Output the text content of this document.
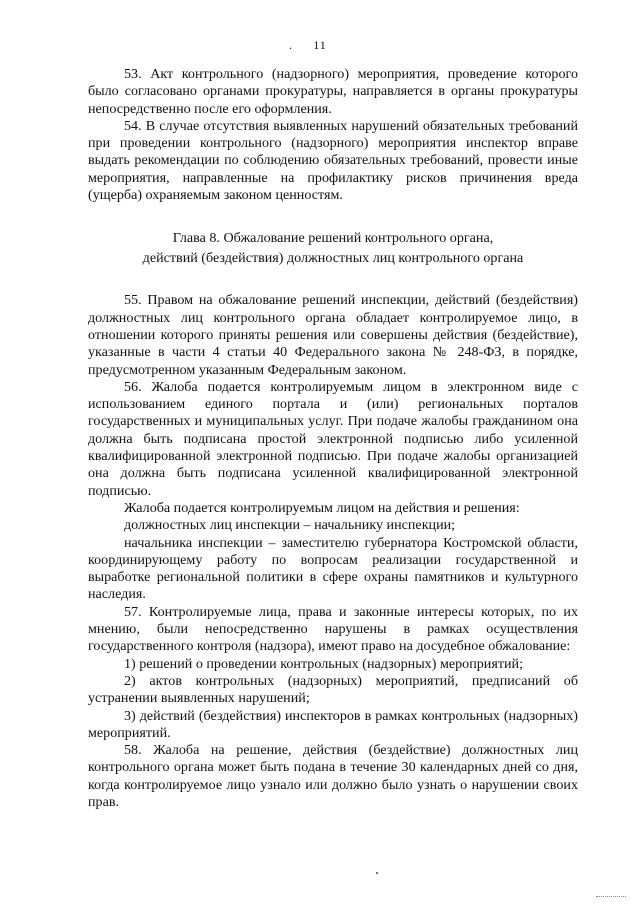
.	11

53. Акт контрольного (надзорного) мероприятия, проведение которого было согласовано органами прокуратуры, направляется в органы прокуратуры непосредственно после его оформления.

54. В случае отсутствия выявленных нарушений обязательных требований при проведении контрольного (надзорного) мероприятия инспектор вправе выдать рекомендации по соблюдению обязательных требований, провести иные мероприятия, направленные на профилактику рисков причинения вреда (ущерба) охраняемым законом ценностям.

Глава 8. Обжалование решений контрольного органа,

действий (бездействия) должностных лиц контрольного органа

55. Правом на обжалование решений инспекции, действий (бездействия) должностных лиц контрольного органа обладает контролируемое лицо, в отношении которого приняты решения или совершены действия (бездействие), указанные в части 4 статьи 40 Федерального закона № 248-ФЗ, в порядке, предусмотренном указанным Федеральным законом.

56. Жалоба подается контролируемым лицом в электронном виде с использованием единого портала и (или) региональных порталов государственных и муниципальных услуг. При подаче жалобы гражданином она должна быть подписана простой электронной подписью либо усиленной квалифицированной электронной подписью. При подаче жалобы организацией она должна быть подписана усиленной квалифицированной электронной подписью.

Жалоба подается контролируемым лицом на действия и решения:

должностных лиц инспекции – начальнику инспекции;

начальника инспекции – заместителю губернатора Костромской области, координирующему работу по вопросам реализации государственной и выработке региональной политики в сфере охраны памятников и культурного наследия.

57. Контролируемые лица, права и законные интересы которых, по их мнению, были непосредственно нарушены в рамках осуществления государственного контроля (надзора), имеют право на досудебное обжалование:

1) решений о проведении контрольных (надзорных) мероприятий;

2) актов контрольных (надзорных) мероприятий, предписаний об устранении выявленных нарушений;

3) действий (бездействия) инспекторов в рамках контрольных (надзорных) мероприятий.

58. Жалоба на решение, действия (бездействие) должностных лиц контрольного органа может быть подана в течение 30 календарных дней со дня, когда контролируемое лицо узнало или должно было узнать о нарушении своих прав.
